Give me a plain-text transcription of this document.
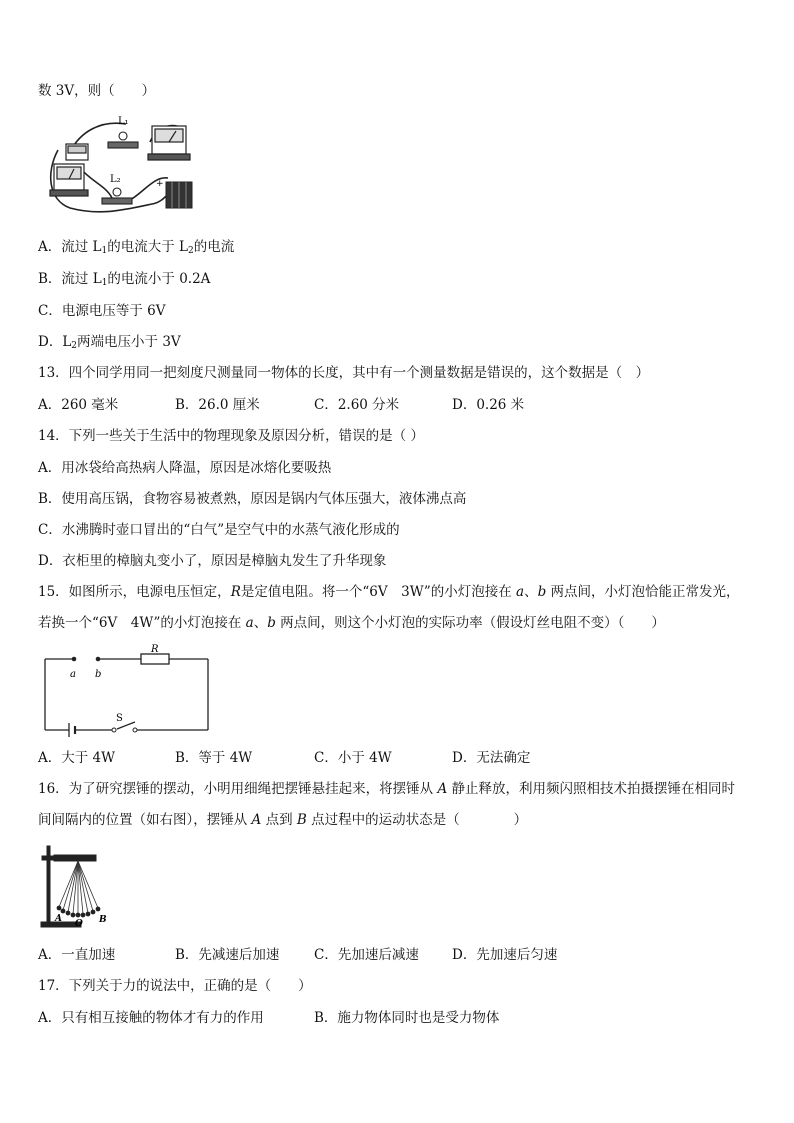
数 3V，则（　　）
L₁
L₂	+
A．流过 $L_1$的电流大于 $L_2$的电流
B．流过 $L_1$的电流小于 0.2A
C．电源电压等于 6V
D．$L_2$两端电压小于 3V
13．四个同学用同一把刻度尺测量同一物体的长度，其中有一个测量数据是错误的，这个数据是（　）
A．260 毫米	B．26.0 厘米	C．2.60 分米	D．0.26 米
14．下列一些关于生活中的物理现象及原因分析，错误的是（ ）
A．用冰袋给高热病人降温，原因是冰熔化要吸热
B．使用高压锅，食物容易被煮熟，原因是锅内气体压强大，液体沸点高
C．水沸腾时壶口冒出的“白气”是空气中的水蒸气液化形成的
D．衣柜里的樟脑丸变小了，原因是樟脑丸发生了升华现象
15．如图所示，电源电压恒定，R是定值电阻。将一个“6V　3W”的小灯泡接在 a、b 两点间，小灯泡恰能正常发光，
若换一个“6V　4W”的小灯泡接在 a、b 两点间，则这个小灯泡的实际功率（假设灯丝电阻不变）（　　）
R
a b
S
A．大于 4W	B．等于 4W	C．小于 4W	D．无法确定
16．为了研究摆锤的摆动，小明用细绳把摆锤悬挂起来，将摆锤从 A 静止释放，利用频闪照相技术拍摄摆锤在相同时
间间隔内的位置（如右图），摆锤从 A 点到 B 点过程中的运动状态是（　　　　）
A O B
A．一直加速	B．先减速后加速	C．先加速后减速 D．先加速后匀速
17．下列关于力的说法中，正确的是（　　）
A．只有相互接触的物体才有力的作用	B．施力物体同时也是受力物体
